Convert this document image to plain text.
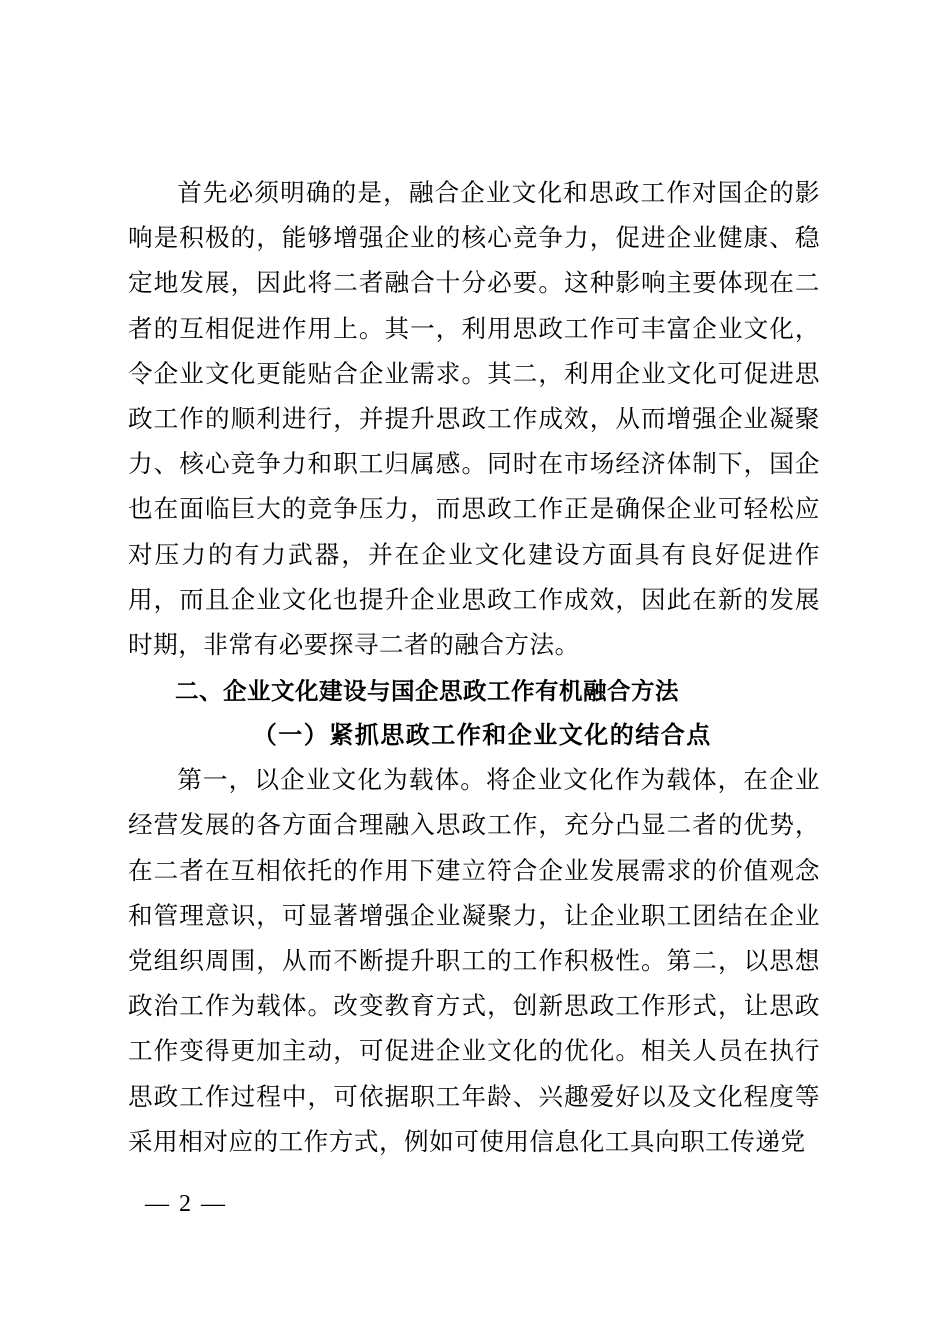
首先必须明确的是，融合企业文化和思政工作对国企的影响是积极的，能够增强企业的核心竞争力，促进企业健康、稳定地发展，因此将二者融合十分必要。这种影响主要体现在二者的互相促进作用上。其一，利用思政工作可丰富企业文化，令企业文化更能贴合企业需求。其二，利用企业文化可促进思政工作的顺利进行，并提升思政工作成效，从而增强企业凝聚力、核心竞争力和职工归属感。同时在市场经济体制下，国企也在面临巨大的竞争压力，而思政工作正是确保企业可轻松应对压力的有力武器，并在企业文化建设方面具有良好促进作用，而且企业文化也提升企业思政工作成效，因此在新的发展时期，非常有必要探寻二者的融合方法。

二、企业文化建设与国企思政工作有机融合方法
（一）紧抓思政工作和企业文化的结合点

第一，以企业文化为载体。将企业文化作为载体，在企业经营发展的各方面合理融入思政工作，充分凸显二者的优势，在二者在互相依托的作用下建立符合企业发展需求的价值观念和管理意识，可显著增强企业凝聚力，让企业职工团结在企业党组织周围，从而不断提升职工的工作积极性。第二，以思想政治工作为载体。改变教育方式，创新思政工作形式，让思政工作变得更加主动，可促进企业文化的优化。相关人员在执行思政工作过程中，可依据职工年龄、兴趣爱好以及文化程度等采用相对应的工作方式，例如可使用信息化工具向职工传递党

— 2 —
